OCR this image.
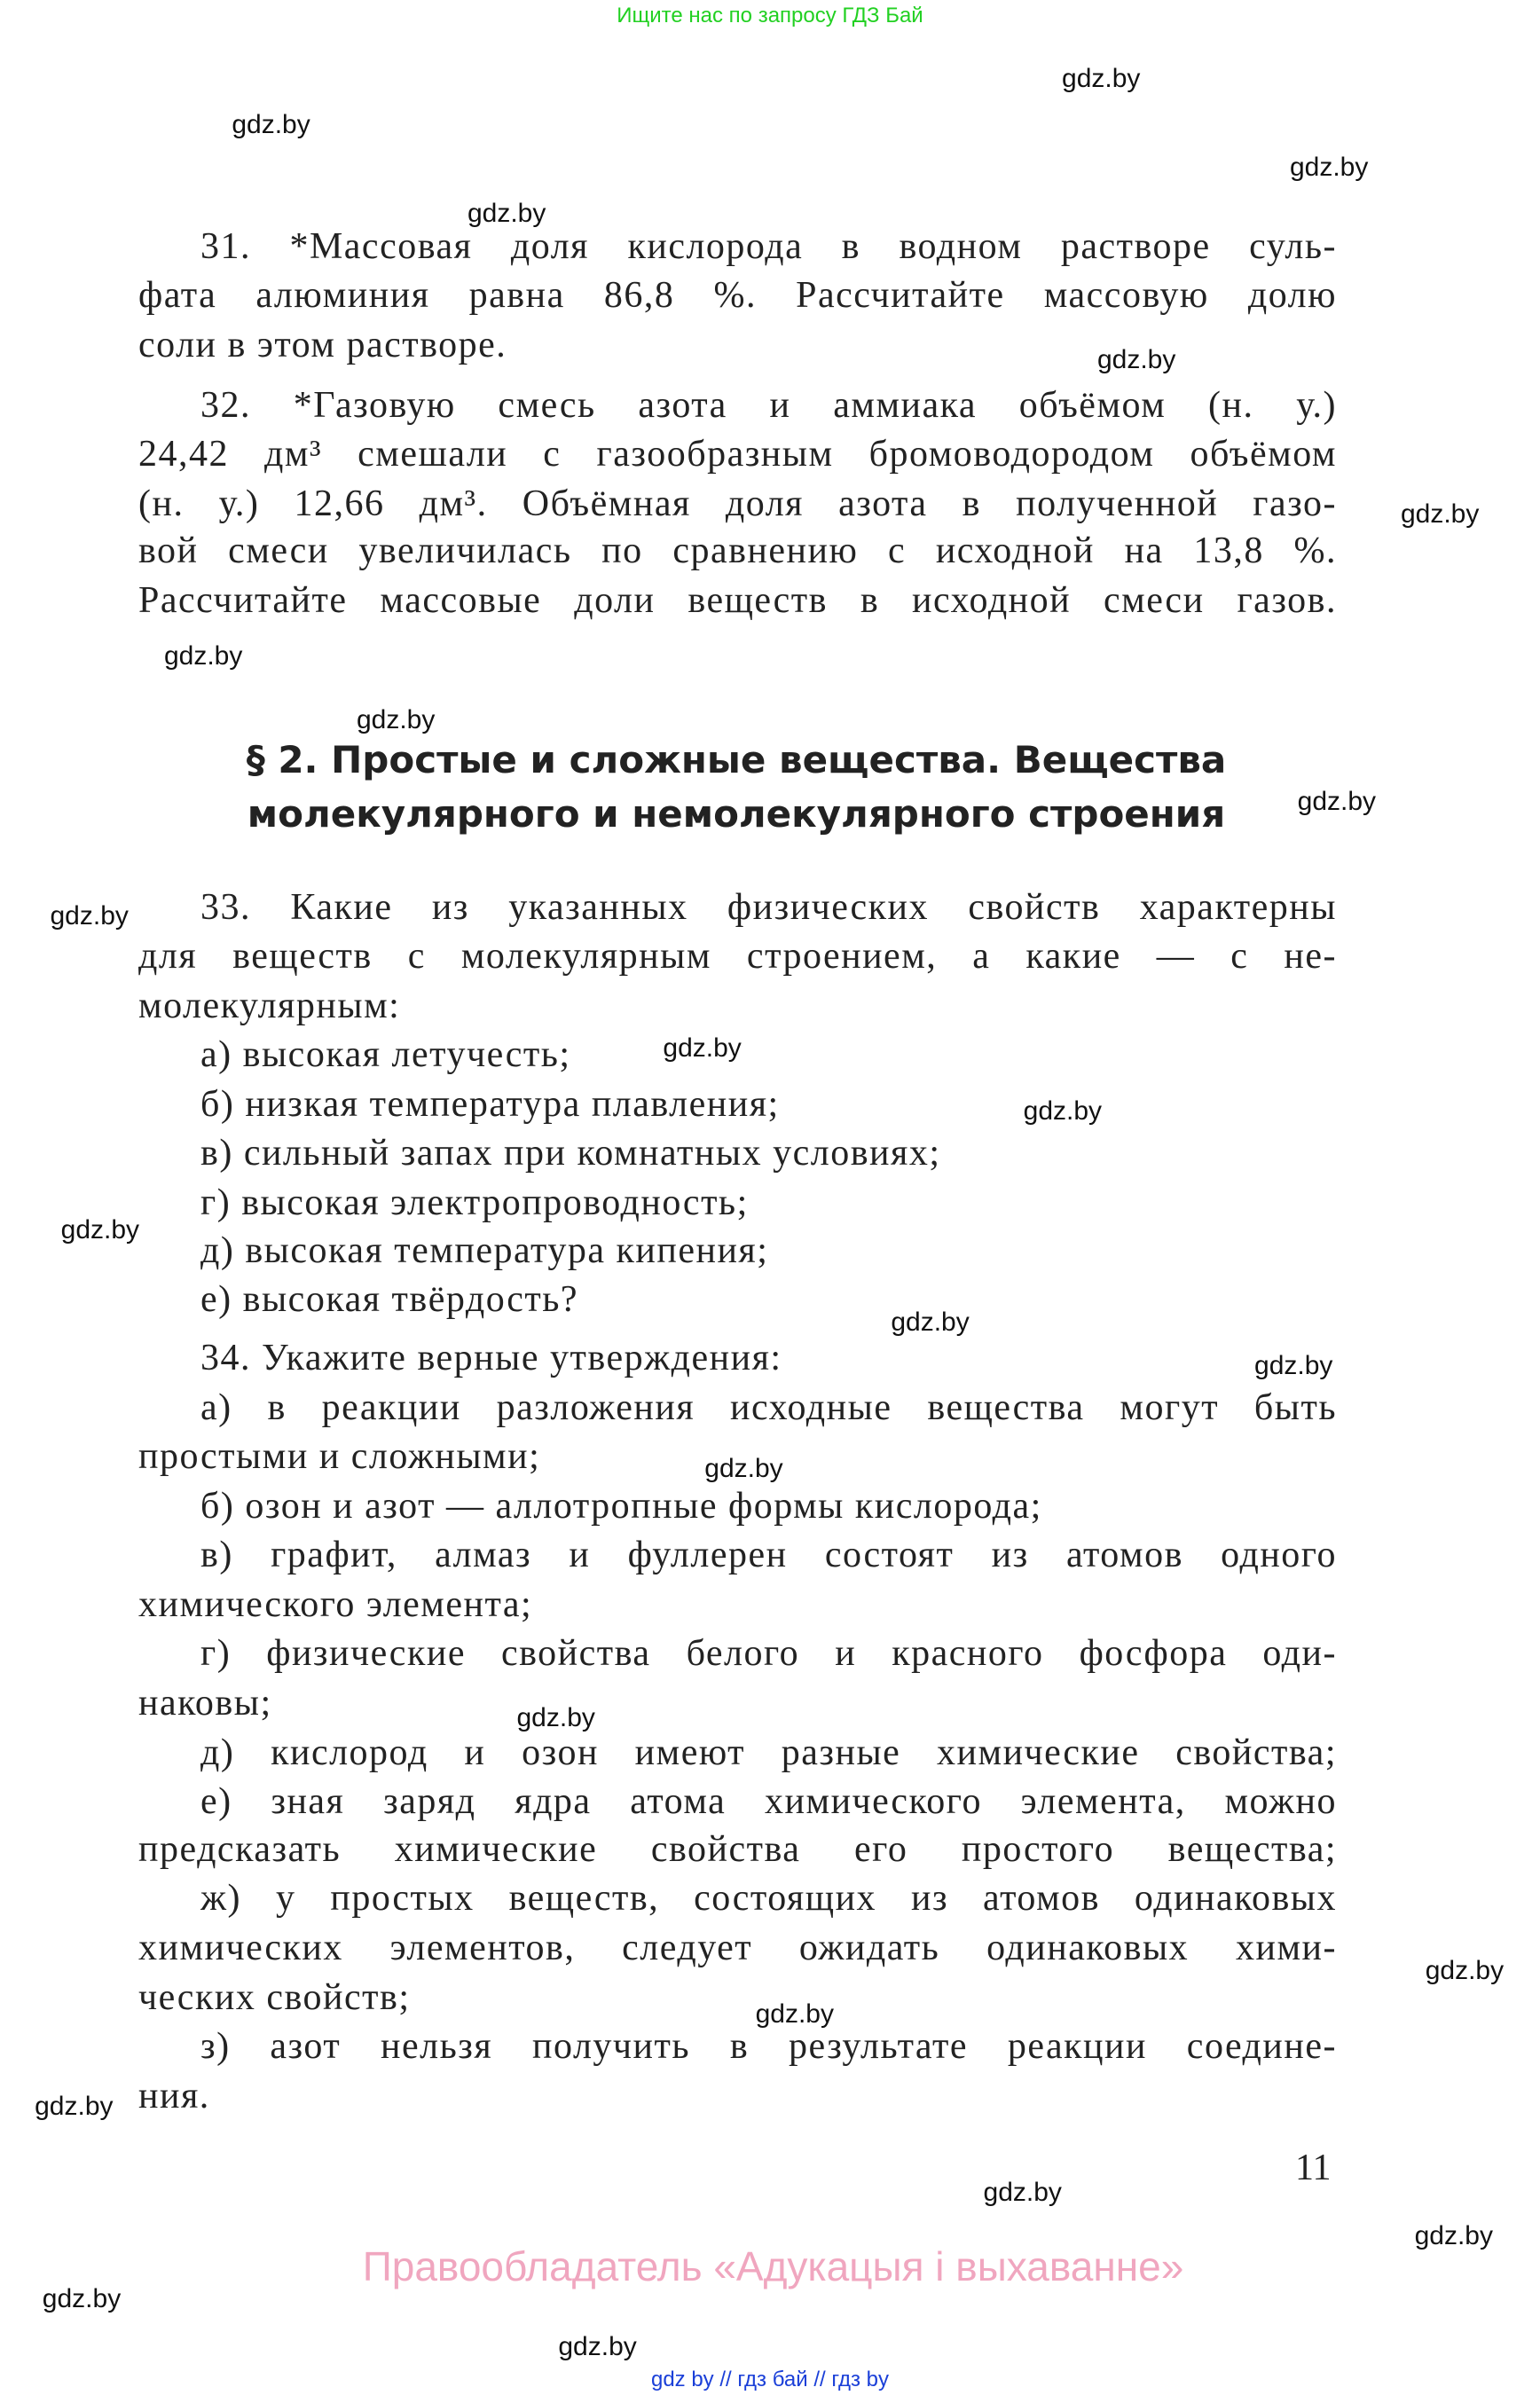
Ищите нас по запросу ГДЗ Бай
§ 2. Простые и сложные вещества. Вещества
молекулярного и немолекулярного строения
31. *Массовая доля кислорода в водном растворе суль-
фата алюминия равна 86,8 %. Рассчитайте массовую долю
соли в этом растворе.
32. *Газовую смесь азота и аммиака объёмом (н. у.)
24,42 дм³ смешали с газообразным бромоводородом объёмом
(н. у.) 12,66 дм³. Объёмная доля азота в полученной газо-
вой смеси увеличилась по сравнению с исходной на 13,8 %.
Рассчитайте массовые доли веществ в исходной смеси газов.
33. Какие из указанных физических свойств характерны
для веществ с молекулярным строением, а какие — с не-
молекулярным:
а) высокая летучесть;
б) низкая температура плавления;
в) сильный запах при комнатных условиях;
г) высокая электропроводность;
д) высокая температура кипения;
е) высокая твёрдость?
34. Укажите верные утверждения:
а) в реакции разложения исходные вещества могут быть
простыми и сложными;
б) озон и азот — аллотропные формы кислорода;
в) графит, алмаз и фуллерен состоят из атомов одного
химического элемента;
г) физические свойства белого и красного фосфора оди-
наковы;
д) кислород и озон имеют разные химические свойства;
е) зная заряд ядра атома химического элемента, можно
предсказать химические свойства его простого вещества;
ж) у простых веществ, состоящих из атомов одинаковых
химических элементов, следует ожидать одинаковых хими-
ческих свойств;
з) азот нельзя получить в результате реакции соедине-
ния.
gdz.by
gdz.by
gdz.by
gdz.by
gdz.by
gdz.by
gdz.by
gdz.by
gdz.by
gdz.by
gdz.by
gdz.by
gdz.by
gdz.by
gdz.by
gdz.by
gdz.by
gdz.by
gdz.by
gdz.by
gdz.by
gdz.by
gdz.by
gdz.by
11
Правообладатель «Адукацыя і выхаванне»
gdz by // гдз бай // гдз by
